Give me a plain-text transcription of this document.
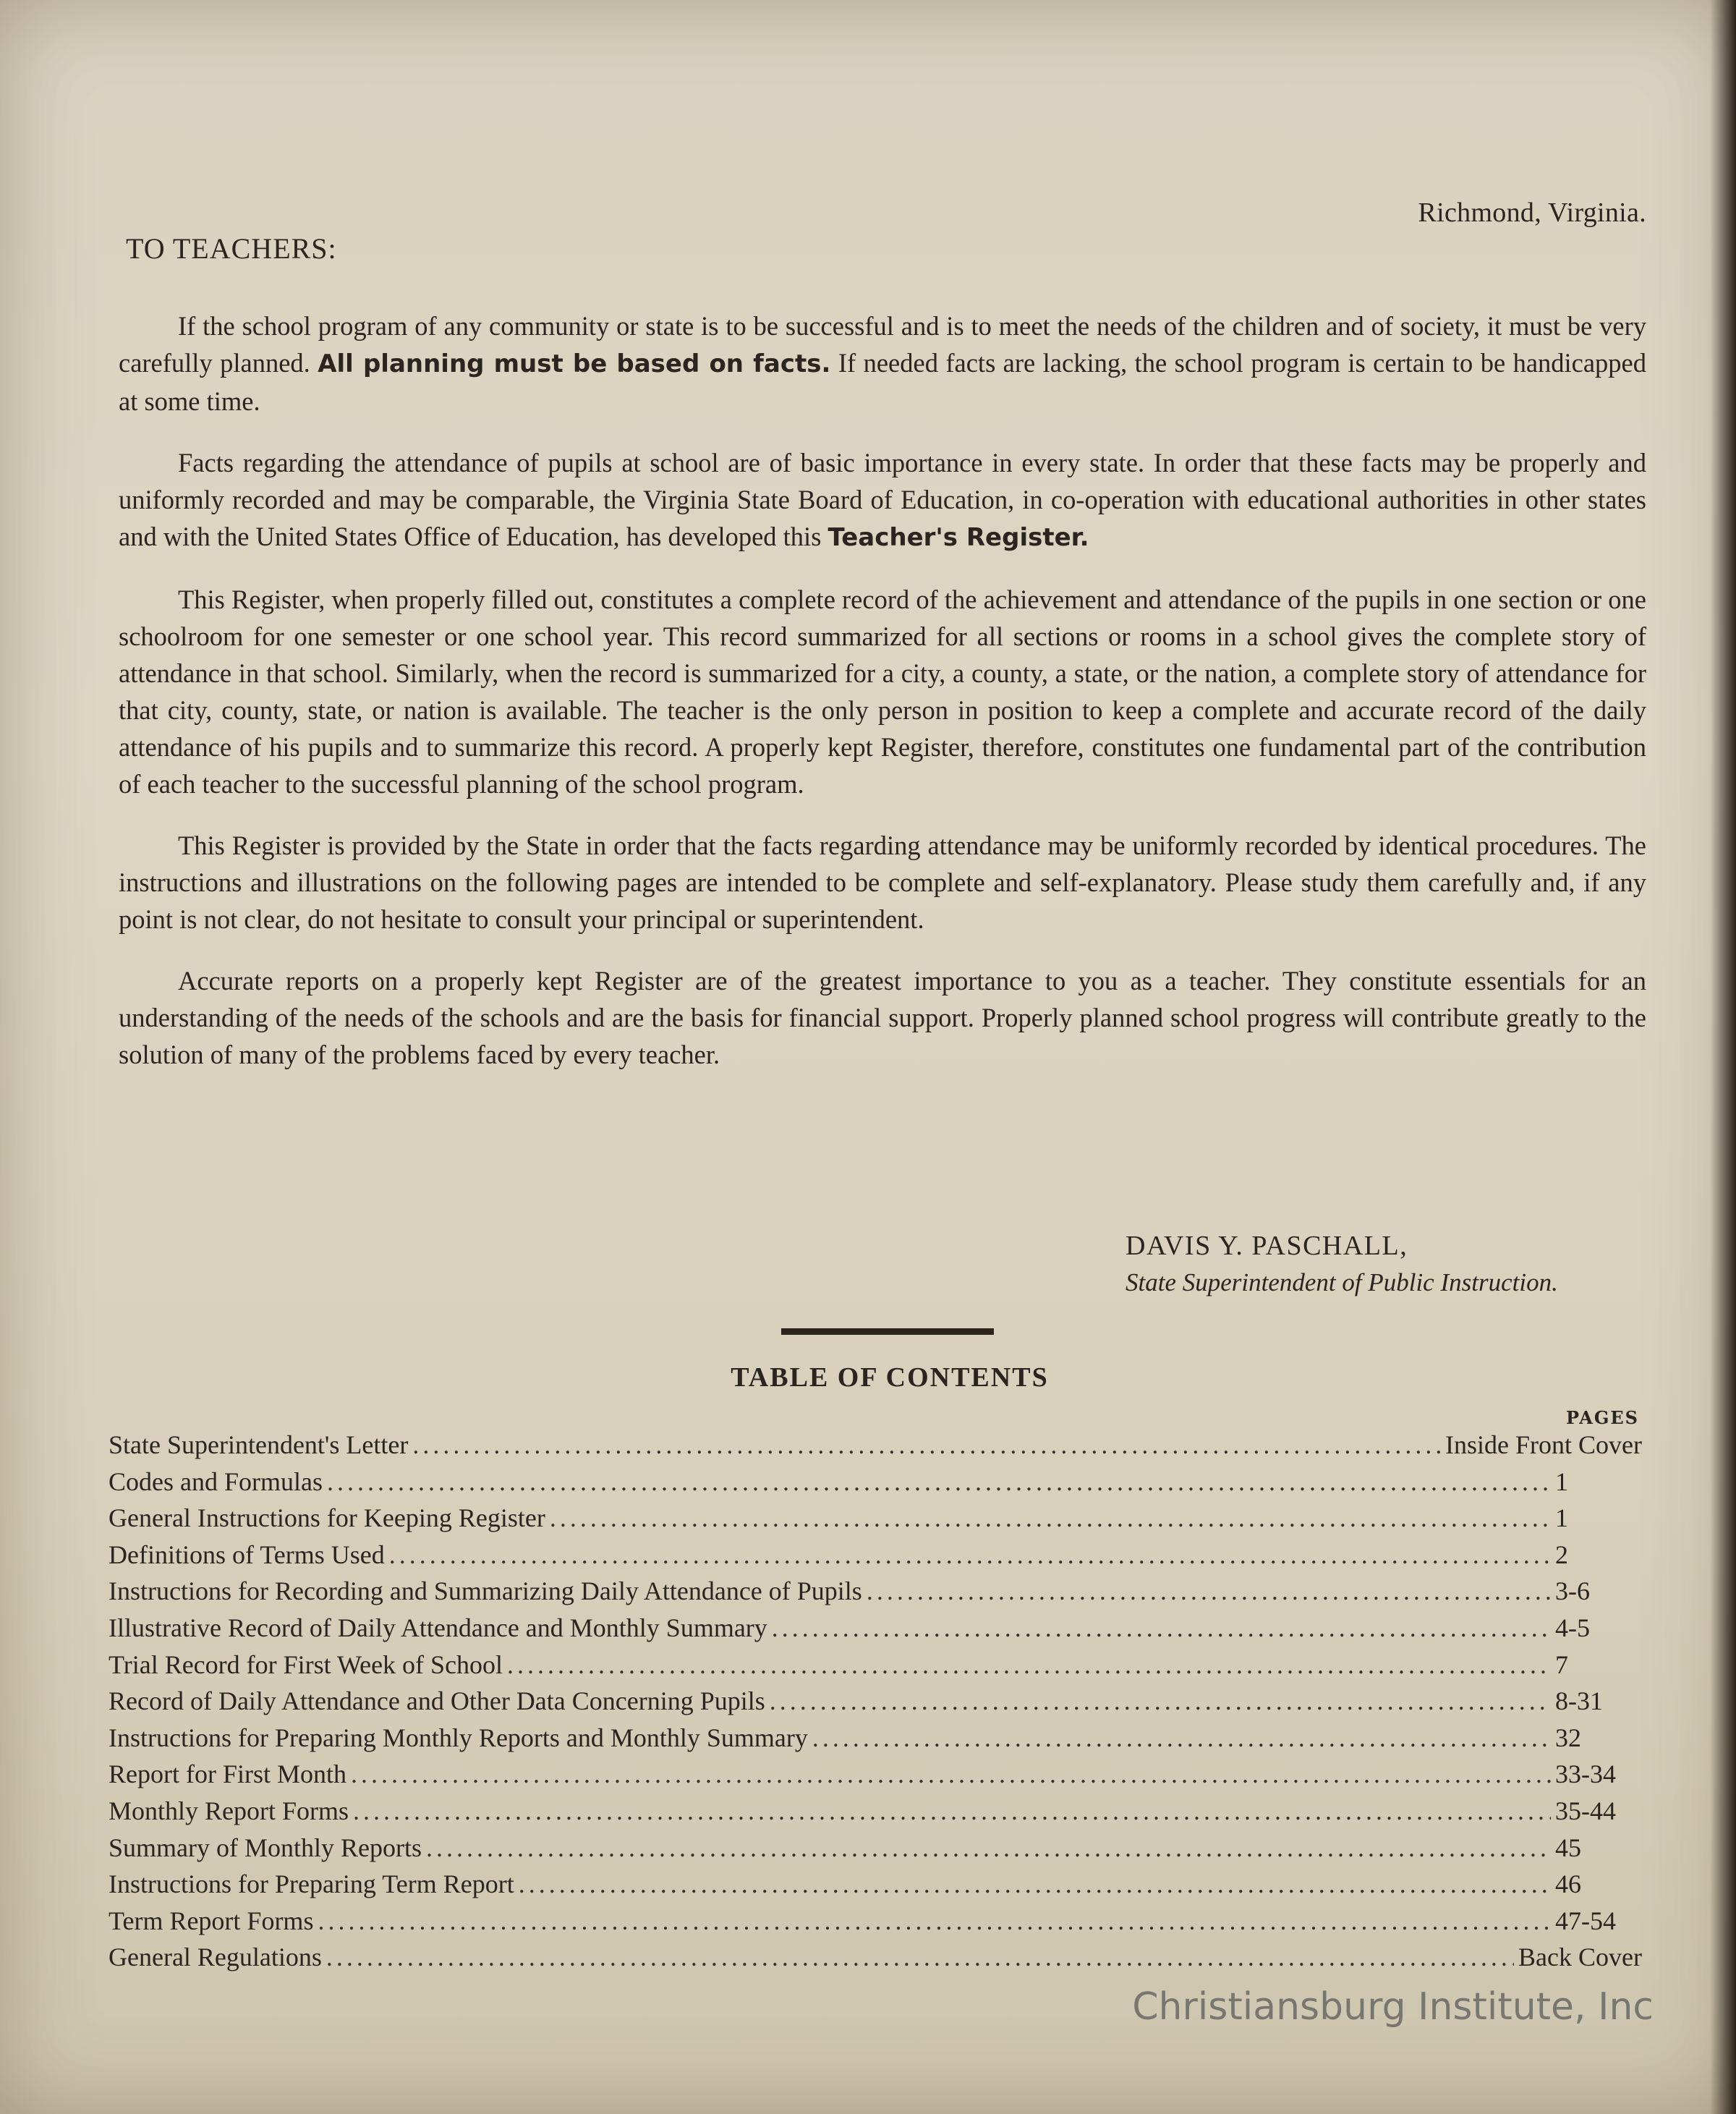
Richmond, Virginia.
TO TEACHERS:

If the school program of any community or state is to be successful and is to meet the needs of the children and of society, it must be very carefully planned. All planning must be based on facts. If needed facts are lacking, the school program is certain to be handicapped at some time.

Facts regarding the attendance of pupils at school are of basic importance in every state. In order that these facts may be properly and uniformly recorded and may be comparable, the Virginia State Board of Education, in co-operation with educational authorities in other states and with the United States Office of Education, has developed this Teacher's Register.

This Register, when properly filled out, constitutes a complete record of the achievement and attendance of the pupils in one section or one schoolroom for one semester or one school year. This record summarized for all sections or rooms in a school gives the complete story of attendance in that school. Similarly, when the record is summarized for a city, a county, a state, or the nation, a complete story of attendance for that city, county, state, or nation is available. The teacher is the only person in position to keep a complete and accurate record of the daily attendance of his pupils and to summarize this record. A properly kept Register, therefore, constitutes one fundamental part of the contribution of each teacher to the successful planning of the school program.

This Register is provided by the State in order that the facts regarding attendance may be uniformly recorded by identical procedures. The instructions and illustrations on the following pages are intended to be complete and self-explanatory. Please study them carefully and, if any point is not clear, do not hesitate to consult your principal or superintendent.

Accurate reports on a properly kept Register are of the greatest importance to you as a teacher. They constitute essentials for an understanding of the needs of the schools and are the basis for financial support. Properly planned school progress will contribute greatly to the solution of many of the problems faced by every teacher.

DAVIS Y. PASCHALL,
State Superintendent of Public Instruction.
TABLE OF CONTENTS
PAGES
State Superintendent's Letter .....	Inside Front Cover
Codes and Formulas .....	1
General Instructions for Keeping Register .....	1
Definitions of Terms Used .....	2
Instructions for Recording and Summarizing Daily Attendance of Pupils .....	3-6
Illustrative Record of Daily Attendance and Monthly Summary .....	4-5
Trial Record for First Week of School .....	7
Record of Daily Attendance and Other Data Concerning Pupils .....	8-31
Instructions for Preparing Monthly Reports and Monthly Summary .....	32
Report for First Month .....	33-34
Monthly Report Forms .....	35-44
Summary of Monthly Reports .....	45
Instructions for Preparing Term Report .....	46
Term Report Forms .....	47-54
General Regulations .....	Back Cover
Christiansburg Institute, Inc
